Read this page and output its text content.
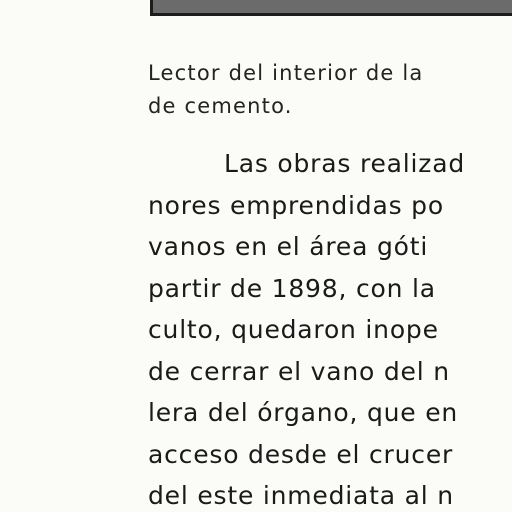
Lector del interior de la
de cemento.

Las obras realizad
nores emprendidas po
vanos en el área góti
partir de 1898, con la
culto, quedaron inope
de cerrar el vano del n
lera del órgano, que en
acceso desde el crucer
del este inmediata al n
